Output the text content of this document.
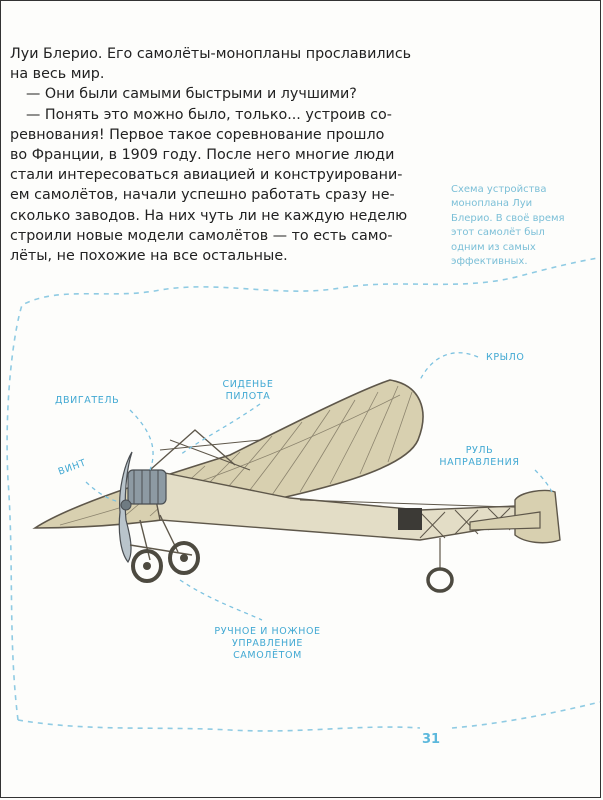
Луи Блерио. Его самолёты-монопланы прославились

на весь мир.

— Они были самыми быстрыми и лучшими?

— Понять это можно было, только... устроив со-

ревнования! Первое такое соревнование прошло

во Франции, в 1909 году. После него многие люди

стали интересоваться авиацией и конструировани-

ем самолётов, начали успешно работать сразу не-

сколько заводов. На них чуть ли не каждую неделю

строили новые модели самолётов — то есть само-

лёты, не похожие на все остальные.

Схема устройства
моноплана Луи
Блерио. В своё время
этот самолёт был
одним из самых
эффективных.
КРЫЛО
ДВИГАТЕЛЬ
СИДЕНЬЕ
ПИЛОТА
ВИНТ
РУЛЬ
НАПРАВЛЕНИЯ
РУЧНОЕ И НОЖНОЕ
УПРАВЛЕНИЕ
САМОЛЁТОМ
31
